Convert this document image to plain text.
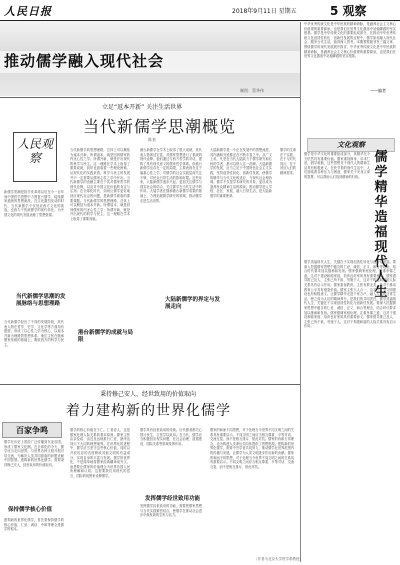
人民日报	2018年9月11日 星期五	5 观察
推动儒学融入现代社会
制图：蔡华伟
中华优秀传统文化是中华民族的精神命脉，是涵养社会主义核心价值观的重要源泉，也是我们在世界文化激荡中站稳脚跟的坚实根基。儒学是中华传统文化的重要组成部分，在推动中华优秀传统文化创造性转化、创新性发展的过程中，儒学如何融入现代社会、服务当代生活，值得深入思考。本期观察版刊发三篇文章，围绕儒学的现代发展展开探讨。中华优秀传统文化是中华民族的精神命脉，是涵养社会主义核心价值观的重要源泉，也是我们在世界文化激荡中站稳脚跟的坚实根基。
——编者
立足“返本开新” 关注生活世界
当代新儒学思潮概览
陈来
人民观察
新儒学思潮是指辛亥革命以后至今一百年间中国哲学思想中力图复兴儒学、接续儒家道统的思想流派。在文化激烈变动的时代，当代新儒学不仅回应西方文化的挑战，也致力于传统儒学的现代转化，为中国文化的现代发展贡献了思想资源。
当代新儒学思潮的发展脉络与思想理路
当代新儒学经历了不同的发展阶段，其代表人物在哲学、史学、文化学等方面均有建树，形成了以心性之学为核心、以返本开新为理路的思想体系。他们主张在继承儒家传统的基础上，吸收西方的科学与民主。
当代新儒学的思想理路，总体上可以概括为返本开新。所谓返本，就是回到儒家的内圣心性之学；所谓开新，就是开出现代的科学与民主。这一理路在学术上取得了重要成就，同时也面临着一些理论困难。从现代化的实践来看，科学与民主的发展并不一定需要从儒家心性之学中开出。当代新儒学的贡献主要在于其对儒家哲学的现代诠释，以及对中国文化价值的肯定与弘扬。在全球化时代，如何让儒学更好地回应现代社会的问题，是新儒学面临的重要课题。当代新儒学的思想理路，总体上可以概括为返本开新。所谓返本，就是回到儒家的内圣心性之学；所谓开新，就是开出现代的科学与民主。这一理路在学术上取得了重要成就。
港台新儒学的成就与局限
港台新儒学在学术上取得了很大成就，其代表人物著述宏富，对儒家思想进行了系统的现代诠释。他们通过与西方哲学的对话，建构了具有现代意义的儒家哲学体系。但港台新儒学也存在一定的局限，主要表现在过于偏重心性之学，对儒学的社会实践层面关注不够，对民众日常生活的影响有限。近些年来，大陆新儒学逐步兴起，更加关注儒学与现实社会的结合，关注儒学在当代生活中的作用。大陆学者在继承港台新儒学成果的基础上，力图拓展儒学研究的领域，推动儒学走进生活世界。
大陆新儒学的界定与发展走向
大陆新儒学是一个正在发展中的思想流派，其内涵和外延都还在不断丰富之中。从广义上说，凡是在当代大陆致力于儒学研究和弘扬的学者，都可以纳入这一范畴。大陆新儒学的发展，应当立足于中国特色社会主义实践，坚持创造性转化、创新性发展，使儒学的精华与当代文化相适应、与现代社会相协调。儒学不仅是学术研究的对象，更应成为滋养民众精神生活的源泉。推动儒学进入学校、社区、家庭，融入日常生活，是大陆新儒学的重要使命。
儒学的生命在于实践，在于与时代同行，在于回应人们的精神需求。
文化观察
儒学精华造福现代人生
儒学是中华文化的重要组成部分，其精华在今天依然具有重要价值。儒家重视修身，讲求仁爱，倡导和谐，这些思想对于现代人的精神生活具有积极意义。在快节奏的现代生活中，人们面临着各种压力与困惑，儒家关于安身立命的智慧，可以帮助人们找到精神的归宿。
儒学造福现代人生，关键在于实现创造性转化与创新性发展。要深入挖掘儒家思想中蕴含的仁爱、诚信、正义、和合等理念，结合时代要求加以继承和发扬。儒家强调家庭伦理，注重孝悌之道，这对于建设和睦家庭、培育良好家风具有重要意义。儒家倡导推己及人，主张己所不欲、勿施于人，这对于构建和谐的人际关系具有启示作用。儒家重视教育，主张有教无类，这对于推动教育公平具有借鉴价值。儒家主张天人合一，这对于生态文明建设也有积极意义。让儒学精华走进千家万户，融入人们的日常生活，使之成为人们的精神养分，是我们的共同责任。儒学造福现代人生，关键在于实现创造性转化与创新性发展。要深入挖掘儒家思想中蕴含的仁爱、诚信、正义、和合等理念，结合时代要求加以继承和发扬。儒家强调家庭伦理，注重孝悌之道，这对于建设和睦家庭、培育良好家风具有重要意义。儒家倡导推己及人，主张己所不欲、勿施于人，这对于构建和谐的人际关系具有启示作用。
秉持修己安人、经世致用的价值取向
着力建构新的世界化儒学
百家争鸣
儒学在历史上曾经广泛传播到东亚各国，形成了儒家文化圈。在全球化的今天，儒学应当走向世界，与世界各种文明开展对话交流，为解决人类共同面临的问题贡献中国智慧。建构新的世界化儒学，需要秉持修己安人、经世致用的价值取向。
保持儒学核心价值
建构新的世界化儒学，首先要保持儒学的核心价值，仁爱、诚信、中和等理念是儒学的根本。
儒学的核心价值在于仁。仁者爱人，这是儒家处理人际关系的基本原则。儒家主张由亲及疏、由近及远地推行仁爱，最终达到天下大同的理想境界。在世界化的进程中，儒学应当坚守这些核心价值，同时以开放包容的态度吸收其他文明的有益成分，实现自身的丰富与发展。儒学的世界化，不是简单地将儒家经典翻译成外文，而是要让儒家的价值理念为世界各国人民所理解和认同。这需要我们用现代的语言、国际的视野来诠释儒学。
儒学具有经世致用的传统。历代儒者都关心国计民生，主张学以致用。在当代，儒学应当积极回应现实问题，在社会治理、道德建设、国际关系等领域发挥作用。
发挥儒学经世致用功能
发挥儒学经世致用的功能，需要把儒家思想与当代实践紧密结合，使儒学在推动社会进步中焕发新的生机与活力。
儒家的和而不同思想，对于处理当今世界不同文明之间的关系具有重要启示。不同文明之间应当相互尊重、平等对话、交流互鉴，而不是相互排斥、彼此对抗。儒家的协和万邦理念，也为构建人类命运共同体提供了思想资源。建构新的世界化儒学，需要中外学者共同努力，推动儒学在世界范围内的传播与发展，让儒学为人类文明进步作出新的贡献。儒家的和而不同思想，对于处理当今世界不同文明之间的关系具有重要启示。不同文明之间应当相互尊重、平等对话、交流互鉴，而不是相互排斥、彼此对抗。
（作者为北京大学哲学系教授）
